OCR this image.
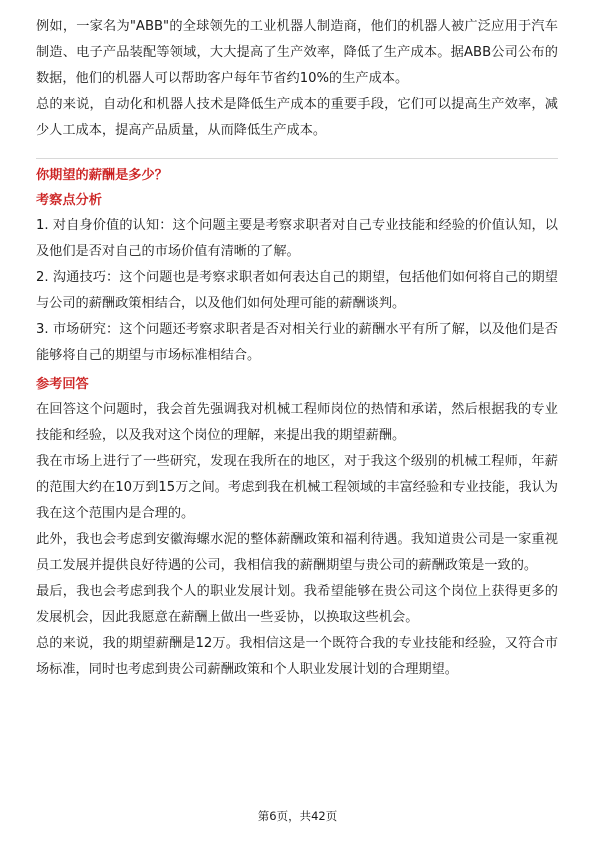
例如，一家名为"ABB"的全球领先的工业机器人制造商，他们的机器人被广泛应用于汽车制造、电子产品装配等领域，大大提高了生产效率，降低了生产成本。据ABB公司公布的数据，他们的机器人可以帮助客户每年节省约10%的生产成本。

总的来说，自动化和机器人技术是降低生产成本的重要手段，它们可以提高生产效率，减少人工成本，提高产品质量，从而降低生产成本。

你期望的薪酬是多少？

考察点分析

1. 对自身价值的认知：这个问题主要是考察求职者对自己专业技能和经验的价值认知，以及他们是否对自己的市场价值有清晰的了解。

2. 沟通技巧：这个问题也是考察求职者如何表达自己的期望，包括他们如何将自己的期望与公司的薪酬政策相结合，以及他们如何处理可能的薪酬谈判。

3. 市场研究：这个问题还考察求职者是否对相关行业的薪酬水平有所了解，以及他们是否能够将自己的期望与市场标准相结合。

参考回答

在回答这个问题时，我会首先强调我对机械工程师岗位的热情和承诺，然后根据我的专业技能和经验，以及我对这个岗位的理解，来提出我的期望薪酬。

我在市场上进行了一些研究，发现在我所在的地区，对于我这个级别的机械工程师，年薪的范围大约在10万到15万之间。考虑到我在机械工程领域的丰富经验和专业技能，我认为我在这个范围内是合理的。

此外，我也会考虑到安徽海螺水泥的整体薪酬政策和福利待遇。我知道贵公司是一家重视员工发展并提供良好待遇的公司，我相信我的薪酬期望与贵公司的薪酬政策是一致的。

最后，我也会考虑到我个人的职业发展计划。我希望能够在贵公司这个岗位上获得更多的发展机会，因此我愿意在薪酬上做出一些妥协，以换取这些机会。

总的来说，我的期望薪酬是12万。我相信这是一个既符合我的专业技能和经验，又符合市场标准，同时也考虑到贵公司薪酬政策和个人职业发展计划的合理期望。

第6页，共42页
